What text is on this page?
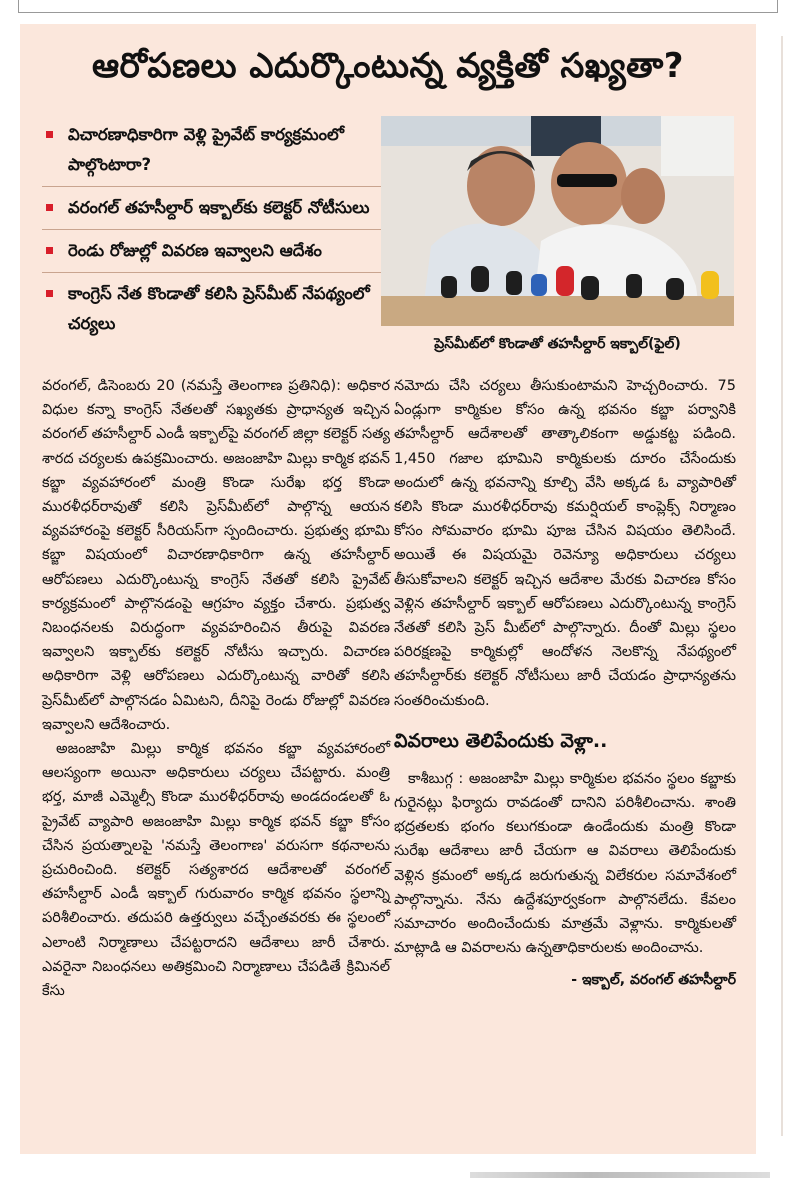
ఆరోపణలు ఎదుర్కొంటున్న వ్యక్తితో సఖ్యతా?
విచారణాధికారిగా వెళ్లి ప్రైవేట్ కార్యక్రమంలో పాల్గొంటారా?
వరంగల్ తహసీల్దార్ ఇక్బాల్‌కు కలెక్టర్ నోటీసులు
రెండు రోజుల్లో వివరణ ఇవ్వాలని ఆదేశం
కాంగ్రెస్ నేత కొండాతో కలిసి ప్రెస్‌మీట్ నేపథ్యంలో చర్యలు
ప్రెస్‌మీట్‌లో కొండాతో తహసీల్దార్ ఇక్బాల్(ఫైల్)

వరంగల్, డిసెంబరు 20 (నమస్తే తెలంగాణ ప్రతినిధి): అధికార విధుల కన్నా కాంగ్రెస్ నేతలతో సఖ్యతకు ప్రాధాన్యత ఇచ్చిన వరంగల్ తహసీల్దార్ ఎండీ ఇక్బాల్‌పై వరంగల్ జిల్లా కలెక్టర్ సత్య శారద చర్యలకు ఉపక్రమించారు. అజంజాహి మిల్లు కార్మిక భవన్ కబ్జా వ్యవహారంలో మంత్రి కొండా సురేఖ భర్త కొండా మురళీధర్‌రావుతో కలిసి ప్రెస్‌మీట్‌లో పాల్గొన్న ఆయన వ్యవహారంపై కలెక్టర్ సీరియస్‌గా స్పందించారు. ప్రభుత్వ భూమి కబ్జా విషయంలో విచారణాధికారిగా ఉన్న తహసీల్దార్ ఆరోపణలు ఎదుర్కొంటున్న కాంగ్రెస్ నేతతో కలిసి ప్రైవేట్ కార్యక్రమంలో పాల్గొనడంపై ఆగ్రహం వ్యక్తం చేశారు. ప్రభుత్వ నిబంధనలకు విరుద్ధంగా వ్యవహరించిన తీరుపై వివరణ ఇవ్వాలని ఇక్బాల్‌కు కలెక్టర్ నోటీసు ఇచ్చారు. విచారణ అధికారిగా వెళ్లి ఆరోపణలు ఎదుర్కొంటున్న వారితో కలిసి ప్రెస్‌మీట్‌లో పాల్గొనడం ఏమిటని, దీనిపై రెండు రోజుల్లో వివరణ ఇవ్వాలని ఆదేశించారు.

అజంజాహి మిల్లు కార్మిక భవనం కబ్జా వ్యవహారంలో ఆలస్యంగా అయినా అధికారులు చర్యలు చేపట్టారు. మంత్రి భర్త, మాజీ ఎమ్మెల్సీ కొండా మురళీధర్‌రావు అండదండలతో ఓ ప్రైవేట్ వ్యాపారి అజంజాహి మిల్లు కార్మిక భవన్ కబ్జా కోసం చేసిన ప్రయత్నాలపై 'నమస్తే తెలంగాణ' వరుసగా కథనాలను ప్రచురించింది. కలెక్టర్ సత్యశారద ఆదేశాలతో వరంగల్ తహసీల్దార్ ఎండీ ఇక్బాల్ గురువారం కార్మిక భవనం స్థలాన్ని పరిశీలించారు. తదుపరి ఉత్తర్వులు వచ్చేంతవరకు ఈ స్థలంలో ఎలాంటి నిర్మాణాలు చేపట్టరాదని ఆదేశాలు జారీ చేశారు. ఎవరైనా నిబంధనలు అతిక్రమించి నిర్మాణాలు చేపడితే క్రిమినల్ కేసు

నమోదు చేసి చర్యలు తీసుకుంటామని హెచ్చరించారు. 75 ఏండ్లుగా కార్మికుల కోసం ఉన్న భవనం కబ్జా పర్వానికి తహసీల్దార్ ఆదేశాలతో తాత్కాలికంగా అడ్డుకట్ట పడింది. 1,450 గజాల భూమిని కార్మికులకు దూరం చేసేందుకు అందులో ఉన్న భవనాన్ని కూల్చి వేసి అక్కడ ఓ వ్యాపారితో కలిసి కొండా మురళీధర్‌రావు కమర్షియల్ కాంప్లెక్స్ నిర్మాణం కోసం సోమవారం భూమి పూజ చేసిన విషయం తెలిసిందే. అయితే ఈ విషయమై రెవెన్యూ అధికారులు చర్యలు తీసుకోవాలని కలెక్టర్ ఇచ్చిన ఆదేశాల మేరకు విచారణ కోసం వెళ్లిన తహసీల్దార్ ఇక్బాల్ ఆరోపణలు ఎదుర్కొంటున్న కాంగ్రెస్ నేతతో కలిసి ప్రెస్ మీట్‌లో పాల్గొన్నారు. దీంతో మిల్లు స్థలం పరిరక్షణపై కార్మికుల్లో ఆందోళన నెలకొన్న నేపథ్యంలో తహసీల్దార్‌కు కలెక్టర్ నోటీసులు జారీ చేయడం ప్రాధాన్యతను సంతరించుకుంది.

వివరాలు తెలిపేందుకు వెళ్లా..

కాశీబుగ్గ : అజంజాహి మిల్లు కార్మికుల భవనం స్థలం కబ్జాకు గురైనట్లు ఫిర్యాదు రావడంతో దానిని పరిశీలించాను. శాంతి భద్రతలకు భంగం కలుగకుండా ఉండేందుకు మంత్రి కొండా సురేఖ ఆదేశాలు జారీ చేయగా ఆ వివరాలు తెలిపేందుకు వెళ్లిన క్రమంలో అక్కడ జరుగుతున్న విలేకరుల సమావేశంలో పాల్గొన్నాను. నేను ఉద్దేశపూర్వకంగా పాల్గొనలేదు. కేవలం సమాచారం అందించేందుకు మాత్రమే వెళ్లాను. కార్మికులతో మాట్లాడి ఆ వివరాలను ఉన్నతాధికారులకు అందించాను.

- ఇక్బాల్, వరంగల్ తహసీల్దార్
